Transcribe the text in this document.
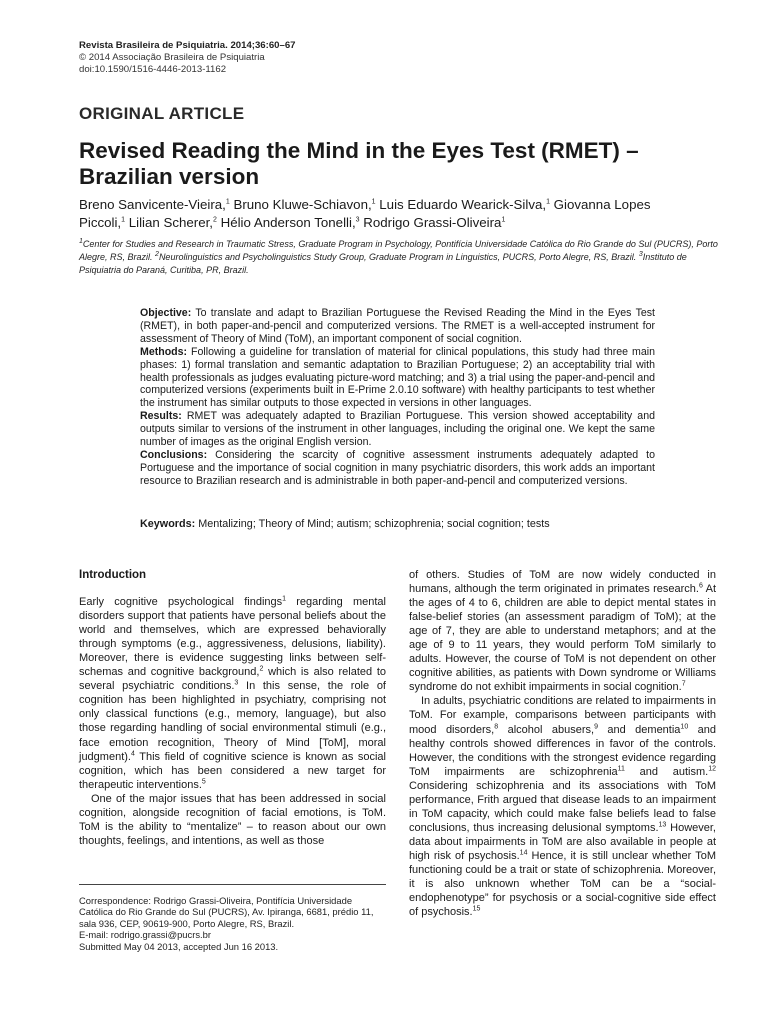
Revista Brasileira de Psiquiatria. 2014;36:60–67
© 2014 Associação Brasileira de Psiquiatria
doi:10.1590/1516-4446-2013-1162
ORIGINAL ARTICLE
Revised Reading the Mind in the Eyes Test (RMET) – Brazilian version
Breno Sanvicente-Vieira,$^1$ Bruno Kluwe-Schiavon,$^1$ Luis Eduardo Wearick-Silva,$^1$ Giovanna Lopes Piccoli,$^1$ Lilian Scherer,$^2$ Hélio Anderson Tonelli,$^3$ Rodrigo Grassi-Oliveira$^1$
$^1$Center for Studies and Research in Traumatic Stress, Graduate Program in Psychology, Pontifícia Universidade Católica do Rio Grande do Sul (PUCRS), Porto Alegre, RS, Brazil. $^2$Neurolinguistics and Psycholinguistics Study Group, Graduate Program in Linguistics, PUCRS, Porto Alegre, RS, Brazil. $^3$Instituto de Psiquiatria do Paraná, Curitiba, PR, Brazil.

Objective: To translate and adapt to Brazilian Portuguese the Revised Reading the Mind in the Eyes Test (RMET), in both paper-and-pencil and computerized versions. The RMET is a well-accepted instrument for assessment of Theory of Mind (ToM), an important component of social cognition.

Methods: Following a guideline for translation of material for clinical populations, this study had three main phases: 1) formal translation and semantic adaptation to Brazilian Portuguese; 2) an acceptability trial with health professionals as judges evaluating picture-word matching; and 3) a trial using the paper-and-pencil and computerized versions (experiments built in E-Prime 2.0.10 software) with healthy participants to test whether the instrument has similar outputs to those expected in versions in other languages.

Results: RMET was adequately adapted to Brazilian Portuguese. This version showed acceptability and outputs similar to versions of the instrument in other languages, including the original one. We kept the same number of images as the original English version.

Conclusions: Considering the scarcity of cognitive assessment instruments adequately adapted to Portuguese and the importance of social cognition in many psychiatric disorders, this work adds an important resource to Brazilian research and is administrable in both paper-and-pencil and computerized versions.

Keywords: Mentalizing; Theory of Mind; autism; schizophrenia; social cognition; tests

Introduction

Early cognitive psychological findings$^1$ regarding mental disorders support that patients have personal beliefs about the world and themselves, which are expressed behaviorally through symptoms (e.g., aggressiveness, delusions, liability). Moreover, there is evidence suggesting links between self-schemas and cognitive background,$^2$ which is also related to several psychiatric conditions.$^3$ In this sense, the role of cognition has been highlighted in psychiatry, comprising not only classical functions (e.g., memory, language), but also those regarding handling of social environmental stimuli (e.g., face emotion recognition, Theory of Mind [ToM], moral judgment).$^4$ This field of cognitive science is known as social cognition, which has been considered a new target for therapeutic interventions.$^5$

One of the major issues that has been addressed in social cognition, alongside recognition of facial emotions, is ToM. ToM is the ability to “mentalize” – to reason about our own thoughts, feelings, and intentions, as well as those

of others. Studies of ToM are now widely conducted in humans, although the term originated in primates research.$^6$ At the ages of 4 to 6, children are able to depict mental states in false-belief stories (an assessment paradigm of ToM); at the age of 7, they are able to understand metaphors; and at the age of 9 to 11 years, they would perform ToM similarly to adults. However, the course of ToM is not dependent on other cognitive abilities, as patients with Down syndrome or Williams syndrome do not exhibit impairments in social cognition.$^7$

In adults, psychiatric conditions are related to impairments in ToM. For example, comparisons between participants with mood disorders,$^8$ alcohol abusers,$^9$ and dementia$^{10}$ and healthy controls showed differences in favor of the controls. However, the conditions with the strongest evidence regarding ToM impairments are schizophrenia$^{11}$ and autism.$^{12}$ Considering schizophrenia and its associations with ToM performance, Frith argued that disease leads to an impairment in ToM capacity, which could make false beliefs lead to false conclusions, thus increasing delusional symptoms.$^{13}$ However, data about impairments in ToM are also available in people at high risk of psychosis.$^{14}$ Hence, it is still unclear whether ToM functioning could be a trait or state of schizophrenia. Moreover, it is also unknown whether ToM can be a “social-endophenotype” for psychosis or a social-cognitive side effect of psychosis.$^{15}$

Correspondence: Rodrigo Grassi-Oliveira, Pontifícia Universidade Católica do Rio Grande do Sul (PUCRS), Av. Ipiranga, 6681, prédio 11, sala 936, CEP, 90619-900, Porto Alegre, RS, Brazil.

E-mail: rodrigo.grassi@pucrs.br

Submitted May 04 2013, accepted Jun 16 2013.
